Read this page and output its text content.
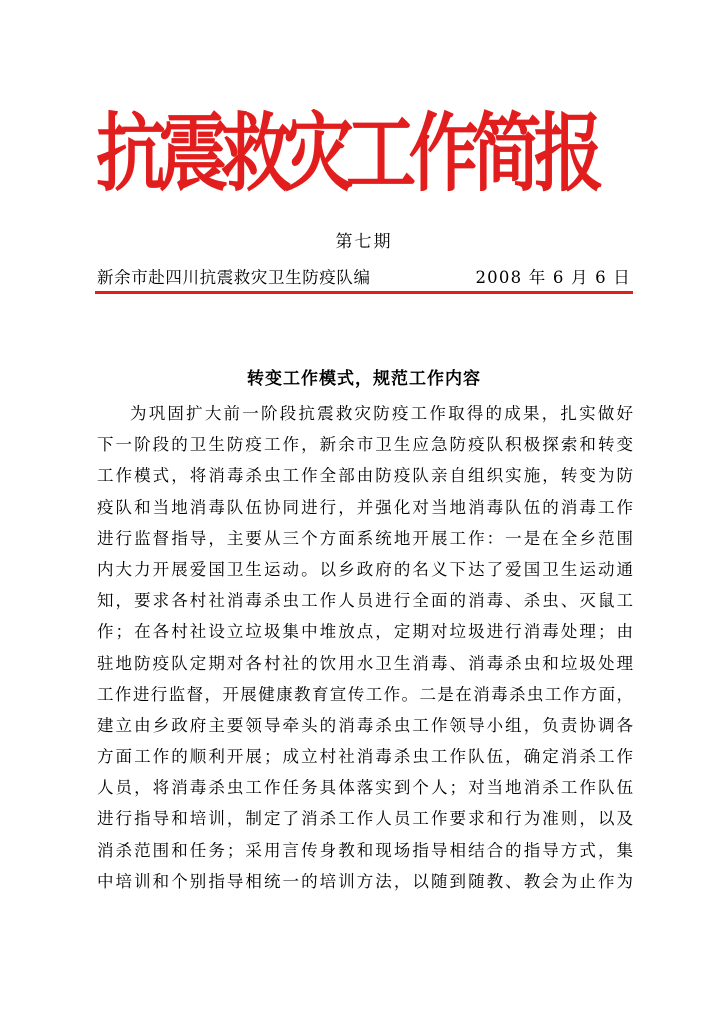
抗震救灾工作简报
第七期
新余市赴四川抗震救灾卫生防疫队编	2008 年 6 月 6 日
转变工作模式，规范工作内容
为巩固扩大前一阶段抗震救灾防疫工作取得的成果，扎实做好
下一阶段的卫生防疫工作，新余市卫生应急防疫队积极探索和转变
工作模式，将消毒杀虫工作全部由防疫队亲自组织实施，转变为防
疫队和当地消毒队伍协同进行，并强化对当地消毒队伍的消毒工作
进行监督指导，主要从三个方面系统地开展工作：一是在全乡范围
内大力开展爱国卫生运动。以乡政府的名义下达了爱国卫生运动通
知，要求各村社消毒杀虫工作人员进行全面的消毒、杀虫、灭鼠工
作；在各村社设立垃圾集中堆放点，定期对垃圾进行消毒处理；由
驻地防疫队定期对各村社的饮用水卫生消毒、消毒杀虫和垃圾处理
工作进行监督，开展健康教育宣传工作。二是在消毒杀虫工作方面，
建立由乡政府主要领导牵头的消毒杀虫工作领导小组，负责协调各
方面工作的顺利开展；成立村社消毒杀虫工作队伍，确定消杀工作
人员，将消毒杀虫工作任务具体落实到个人；对当地消杀工作队伍
进行指导和培训，制定了消杀工作人员工作要求和行为准则，以及
消杀范围和任务；采用言传身教和现场指导相结合的指导方式，集
中培训和个别指导相统一的培训方法，以随到随教、教会为止作为
